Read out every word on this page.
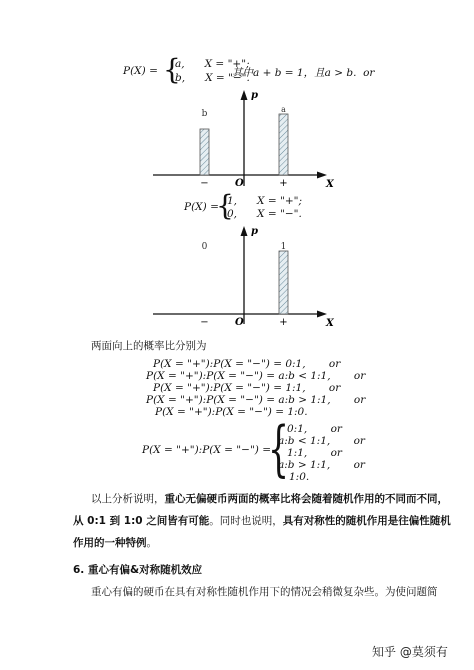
P(X) = {
a,      X = "+";
b,      X = "−".
其中a + b = 1，且a > b.  or
b	a
p
X
O
−	+
P(X) =
{
1,      X = "+";
0,      X = "−".
0	1
p
X
O
−	+
两面向上的概率比分别为
P(X = "+"):P(X = "−") = 0:1,       or
P(X = "+"):P(X = "−") = a:b < 1:1,       or
P(X = "+"):P(X = "−") = 1:1,       or
P(X = "+"):P(X = "−") = a:b > 1:1,       or
P(X = "+"):P(X = "−") = 1:0.
P(X = "+"):P(X = "−") =
{
0:1,       or
a:b < 1:1,       or
1:1,       or
a:b > 1:1,       or
1:0.
以上分析说明，重心无偏硬币两面的概率比将会随着随机作用的不同而不同，
从 0:1 到 1:0 之间皆有可能。同时也说明，具有对称性的随机作用是往偏性随机
作用的一种特例。
6. 重心有偏&对称随机效应
重心有偏的硬币在具有对称性随机作用下的情况会稍微复杂些。为使问题简
知乎 @莫须有
